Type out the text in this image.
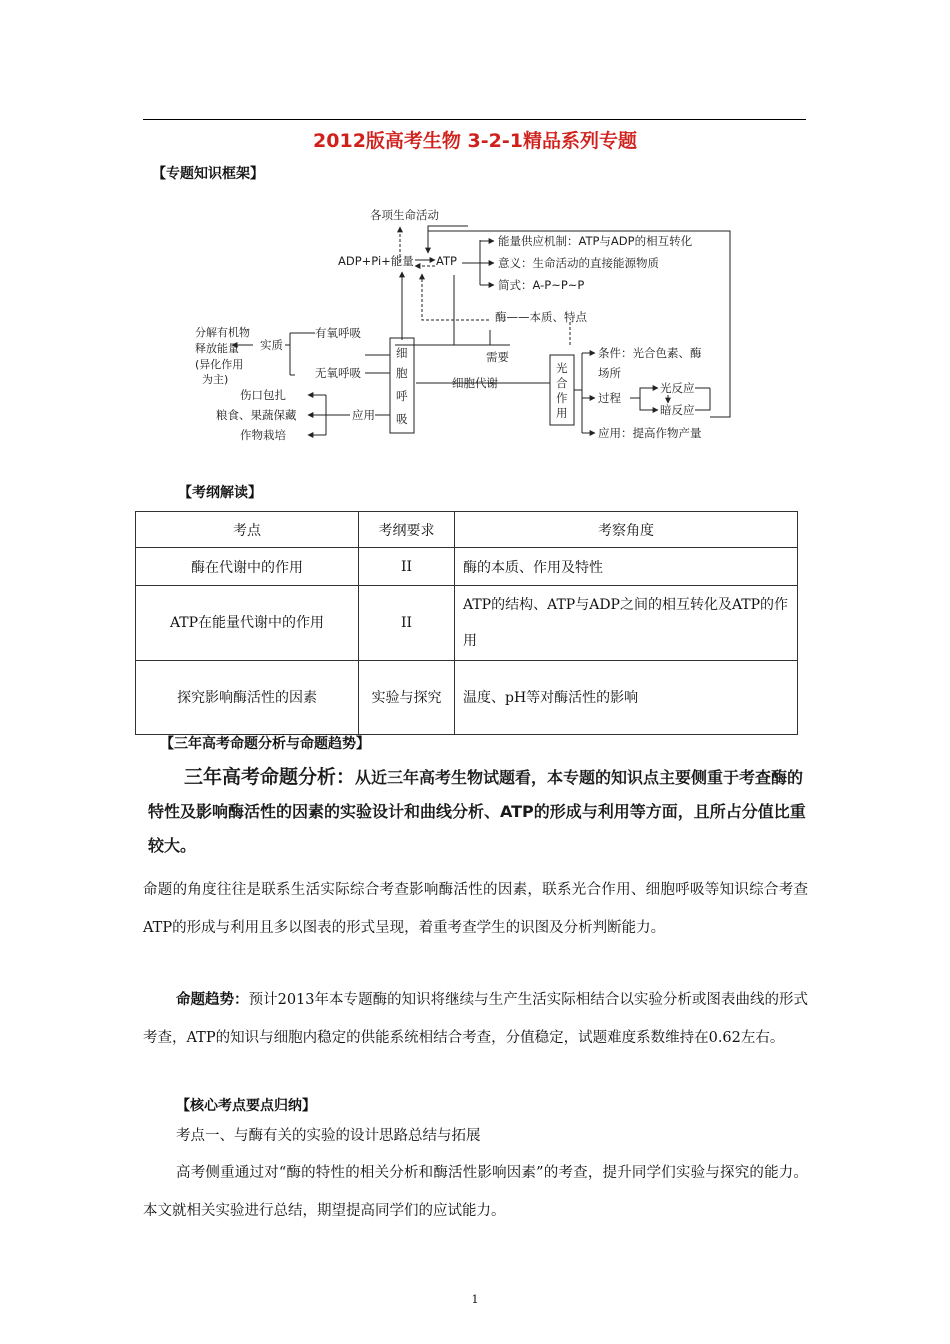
2012版高考生物 3-2-1精品系列专题
【专题知识框架】
各项生命活动
ADP+Pi+能量 ATP
能量供应机制：ATP与ADP的相互转化
意义：生命活动的直接能源物质
简式：A-P~P~P
酶——本质、特点
需要
细胞代谢
分解有机物
释放能量
(异化作用
为主)
实质
有氧呼吸
无氧呼吸
细
胞
呼
吸
光
合
作
用
伤口包扎
粮食、果蔬保藏
作物栽培
应用
条件：光合色素、酶
场所
过程
光反应
暗反应
应用：提高作物产量
【考纲解读】
考点	考纲要求	考察角度
酶在代谢中的作用	II	酶的本质、作用及特性
ATP在能量代谢中的作用	II	ATP的结构、ATP与ADP之间的相互转化及ATP的作用
探究影响酶活性的因素	实验与探究	温度、pH等对酶活性的影响
【三年高考命题分析与命题趋势】
三年高考命题分析：从近三年高考生物试题看，本专题的知识点主要侧重于考查酶的特性及影响酶活性的因素的实验设计和曲线分析、ATP的形成与利用等方面，且所占分值比重较大。
命题的角度往往是联系生活实际综合考查影响酶活性的因素，联系光合作用、细胞呼吸等知识综合考查ATP的形成与利用且多以图表的形式呈现，着重考查学生的识图及分析判断能力。
命题趋势：预计2013年本专题酶的知识将继续与生产生活实际相结合以实验分析或图表曲线的形式考查，ATP的知识与细胞内稳定的供能系统相结合考查，分值稳定，试题难度系数维持在0.62左右。
【核心考点要点归纳】
考点一、与酶有关的实验的设计思路总结与拓展
高考侧重通过对“酶的特性的相关分析和酶活性影响因素”的考查，提升同学们实验与探究的能力。本文就相关实验进行总结，期望提高同学们的应试能力。
1
